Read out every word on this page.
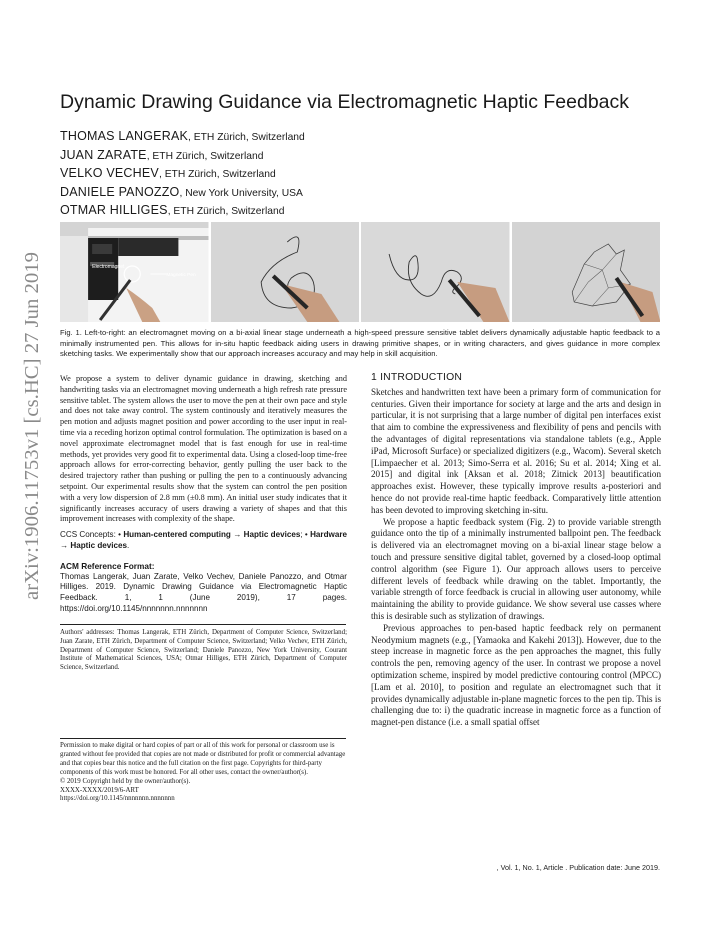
arXiv:1906.11753v1 [cs.HC] 27 Jun 2019
Dynamic Drawing Guidance via Electromagnetic Haptic Feedback
THOMAS LANGERAK, ETH Zürich, Switzerland
JUAN ZARATE, ETH Zürich, Switzerland
VELKO VECHEV, ETH Zürich, Switzerland
DANIELE PANOZZO, New York University, USA
OTMAR HILLIGES, ETH Zürich, Switzerland
Electromagnet
Magnetic Pen
Fig. 1. Left-to-right: an electromagnet moving on a bi-axial linear stage underneath a high-speed pressure sensitive tablet delivers dynamically adjustable haptic feedback to a minimally instrumented pen. This allows for in-situ haptic feedback aiding users in drawing primitive shapes, or in writing characters, and gives guidance in more complex sketching tasks. We experimentally show that our approach increases accuracy and may help in skill acquisition.

We propose a system to deliver dynamic guidance in drawing, sketching and handwriting tasks via an electromagnet moving underneath a high refresh rate pressure sensitive tablet. The system allows the user to move the pen at their own pace and style and does not take away control. The system continously and iteratively measures the pen motion and adjusts magnet position and power according to the user input in real-time via a receding horizon optimal control formulation. The optimization is based on a novel approximate electromagnet model that is fast enough for use in real-time methods, yet provides very good fit to experimental data. Using a closed-loop time-free approach allows for error-correcting behavior, gently pulling the user back to the desired trajectory rather than pushing or pulling the pen to a continuously advancing setpoint. Our experimental results show that the system can control the pen position with a very low dispersion of 2.8 mm (±0.8 mm). An initial user study indicates that it significantly increases accuracy of users drawing a variety of shapes and that this improvement increases with complexity of the shape.

CCS Concepts: • Human-centered computing → Haptic devices; • Hardware → Haptic devices.
ACM Reference Format:

Thomas Langerak, Juan Zarate, Velko Vechev, Daniele Panozzo, and Otmar Hilliges. 2019. Dynamic Drawing Guidance via Electromagnetic Haptic Feedback. 1, 1 (June 2019), 17 pages. https://doi.org/10.1145/nnnnnnn.nnnnnnn

Authors' addresses: Thomas Langerak, ETH Zürich, Department of Computer Science, Switzerland; Juan Zarate, ETH Zürich, Department of Computer Science, Switzerland; Velko Vechev, ETH Zürich, Department of Computer Science, Switzerland; Daniele Panozzo, New York University, Courant Institute of Mathematical Sciences, USA; Otmar Hilliges, ETH Zürich, Department of Computer Science, Switzerland.
Permission to make digital or hard copies of part or all of this work for personal or classroom use is granted without fee provided that copies are not made or distributed for profit or commercial advantage and that copies bear this notice and the full citation on the first page. Copyrights for third-party components of this work must be honored. For all other uses, contact the owner/author(s).
© 2019 Copyright held by the owner/author(s).
XXXX-XXXX/2019/6-ART
https://doi.org/10.1145/nnnnnnn.nnnnnnn
1 INTRODUCTION

Sketches and handwritten text have been a primary form of communication for centuries. Given their importance for society at large and the arts and design in particular, it is not surprising that a large number of digital pen interfaces exist that aim to combine the expressiveness and flexibility of pens and pencils with the advantages of digital representations via standalone tablets (e.g., Apple iPad, Microsoft Surface) or specialized digitizers (e.g., Wacom). Several sketch [Limpaecher et al. 2013; Simo-Serra et al. 2016; Su et al. 2014; Xing et al. 2015] and digital ink [Aksan et al. 2018; Zitnick 2013] beautification approaches exist. However, these typically improve results a-posteriori and hence do not provide real-time haptic feedback. Comparatively little attention has been devoted to improving sketching in-situ.

We propose a haptic feedback system (Fig. 2) to provide variable strength guidance onto the tip of a minimally instrumented ballpoint pen. The feedback is delivered via an electromagnet moving on a bi-axial linear stage below a touch and pressure sensitive digital tablet, governed by a closed-loop optimal control algorithm (see Figure 1). Our approach allows users to perceive different levels of feedback while drawing on the tablet. Importantly, the variable strength of force feedback is crucial in allowing user autonomy, while maintaining the ability to provide guidance. We show several use casses where this is desirable such as stylization of drawings.

Previous approaches to pen-based haptic feedback rely on permanent Neodymium magnets (e.g., [Yamaoka and Kakehi 2013]). However, due to the steep increase in magnetic force as the pen approaches the magnet, this fully controls the pen, removing agency of the user. In contrast we propose a novel optimization scheme, inspired by model predictive contouring control (MPCC) [Lam et al. 2010], to position and regulate an electromagnet such that it provides dynamically adjustable in-plane magnetic forces to the pen tip. This is challenging due to: i) the quadratic increase in magnetic force as a function of magnet-pen distance (i.e. a small spatial offset

, Vol. 1, No. 1, Article . Publication date: June 2019.
